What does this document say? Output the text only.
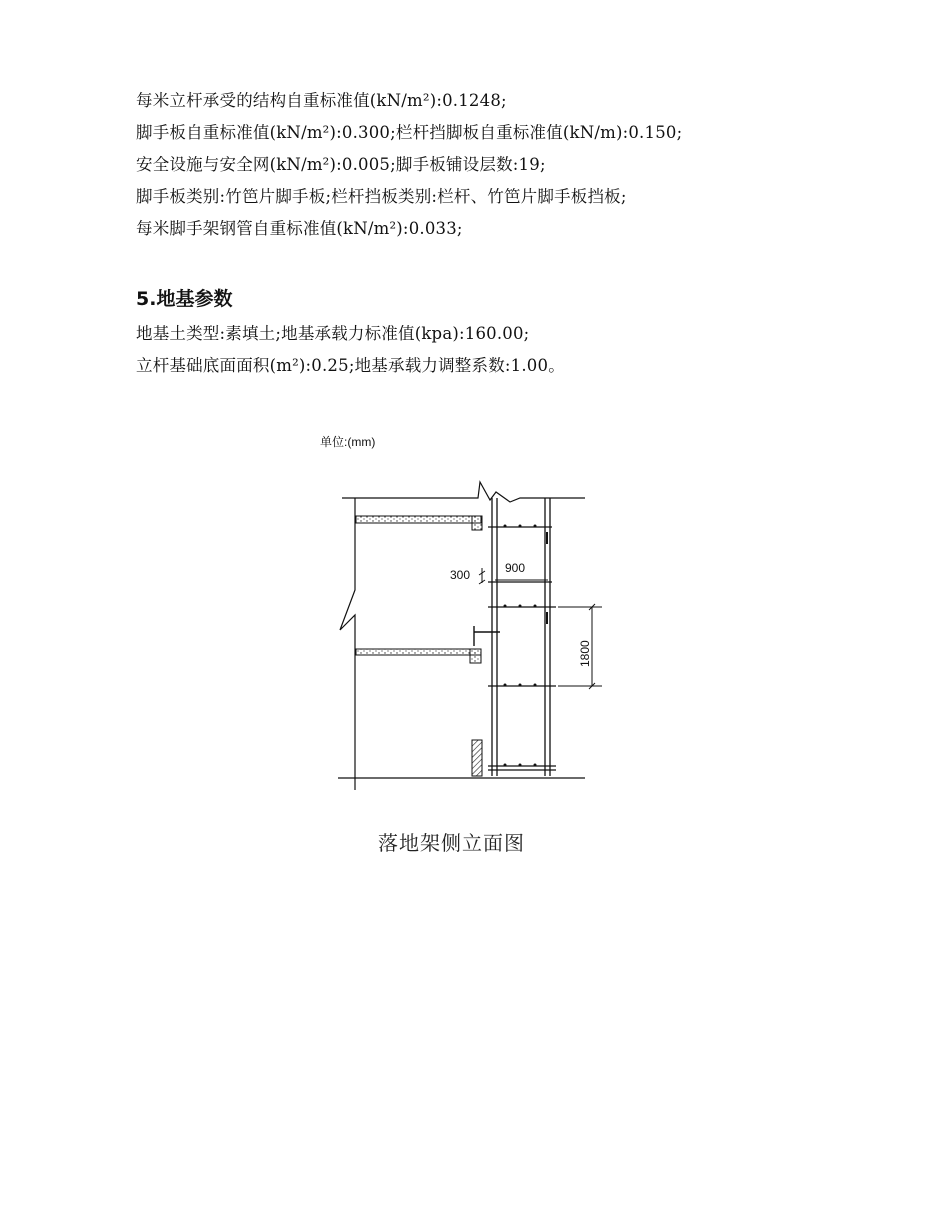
每米立杆承受的结构自重标准值(kN/m²):0.1248;
脚手板自重标准值(kN/m²):0.300;栏杆挡脚板自重标准值(kN/m):0.150;
安全设施与安全网(kN/m²):0.005;脚手板铺设层数:19;
脚手板类别:竹笆片脚手板;栏杆挡板类别:栏杆、竹笆片脚手板挡板;
每米脚手架钢管自重标准值(kN/m²):0.033;
5.地基参数
地基土类型:素填土;地基承载力标准值(kpa):160.00;
立杆基础底面面积(m²):0.25;地基承载力调整系数:1.00。
单位:(mm)
300	900
1800
落地架侧立面图
